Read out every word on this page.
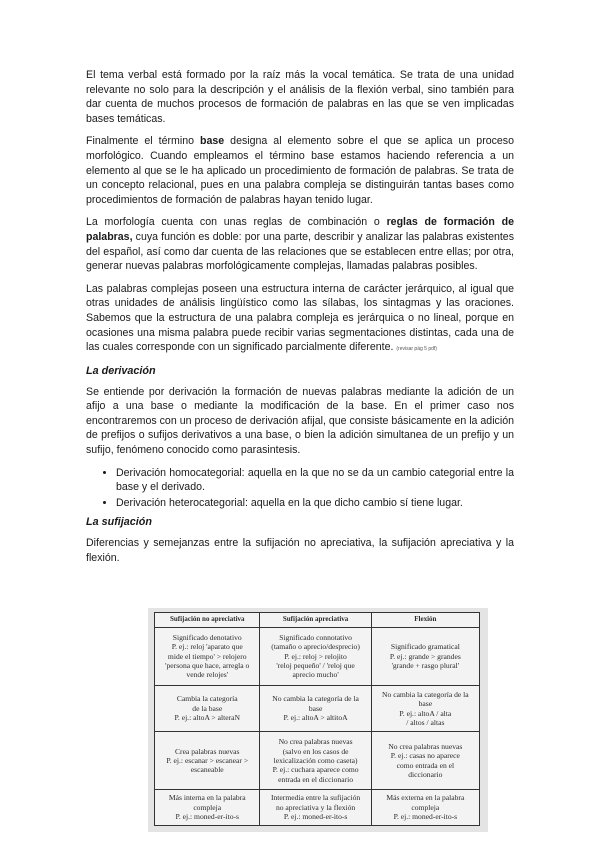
El tema verbal está formado por la raíz más la vocal temática. Se trata de una unidad relevante no solo para la descripción y el análisis de la flexión verbal, sino también para dar cuenta de muchos procesos de formación de palabras en las que se ven implicadas bases temáticas.

Finalmente el término base designa al elemento sobre el que se aplica un proceso morfológico. Cuando empleamos el término base estamos haciendo referencia a un elemento al que se le ha aplicado un procedimiento de formación de palabras. Se trata de un concepto relacional, pues en una palabra compleja se distinguirán tantas bases como procedimientos de formación de palabras hayan tenido lugar.

La morfología cuenta con unas reglas de combinación o reglas de formación de palabras, cuya función es doble: por una parte, describir y analizar las palabras existentes del español, así como dar cuenta de las relaciones que se establecen entre ellas; por otra, generar nuevas palabras morfológicamente complejas, llamadas palabras posibles.

Las palabras complejas poseen una estructura interna de carácter jerárquico, al igual que otras unidades de análisis lingüístico como las sílabas, los sintagmas y las oraciones. Sabemos que la estructura de una palabra compleja es jerárquica o no lineal, porque en ocasiones una misma palabra puede recibir varias segmentaciones distintas, cada una de las cuales corresponde con un significado parcialmente diferente. (revisar pág 5 pdf)

La derivación

Se entiende por derivación la formación de nuevas palabras mediante la adición de un afijo a una base o mediante la modificación de la base. En el primer caso nos encontraremos con un proceso de derivación afijal, que consiste básicamente en la adición de prefijos o sufijos derivativos a una base, o bien la adición simultanea de un prefijo y un sufijo, fenómeno conocido como parasintesis.

• Derivación homocategorial: aquella en la que no se da un cambio categorial entre la base y el derivado.
• Derivación heterocategorial: aquella en la que dicho cambio sí tiene lugar.
La sufijación

Diferencias y semejanzas entre la sufijación no apreciativa, la sufijación apreciativa y la flexión.

Sufijación no apreciativa	Sufijación apreciativa	Flexión

Significado denotativo
P. ej.: reloj 'aparato que
mide el tiempo' > relojero
'persona que hace, arregla o
vende relojes'	Significado connotativo
(tamaño o aprecio/desprecio)
P. ej.: reloj > relojito
'reloj pequeño' / 'reloj que
aprecio mucho'	Significado gramatical
P. ej.: grande > grandes
'grande + rasgo plural'

Cambia la categoría
de la base
P. ej.: altoA > alteraN	No cambia la categoría de la
base
P. ej.: altoA > altitoA	No cambia la categoría de la
base
P. ej.: altoA / alta
/ altos / altas

Crea palabras nuevas
P. ej.: escanar > escanear >
escaneable	No crea palabras nuevas
(salvo en los casos de
lexicalización como caseta)
P. ej.: cuchara aparece como
entrada en el diccionario	No crea palabras nuevas
P. ej.: casas no aparece
como entrada en el
diccionario

Más interna en la palabra
compleja
P. ej.: moned-er-ito-s	Intermedia entre la sufijación
no apreciativa y la flexión
P. ej.: moned-er-ito-s	Más externa en la palabra
compleja
P. ej.: moned-er-ito-s
